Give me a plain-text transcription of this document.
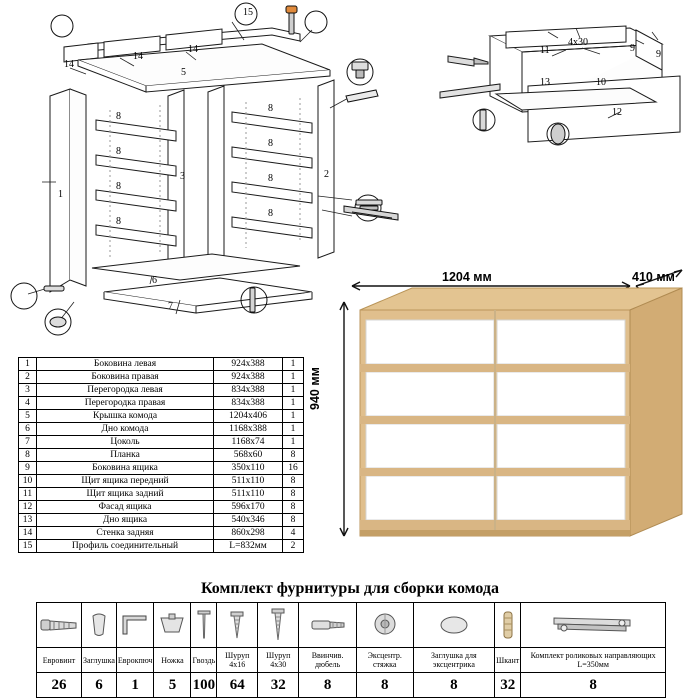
15
14
14
14
5
8
8
8
8
8
8
8
8
1
2
3
6
7
11
4х30
9
9
13	10
12
1	Боковина левая	924х388	1
2	Боковина правая	924х388	1
3	Перегородка левая	834х388	1
4	Перегородка правая	834х388	1
5	Крышка комода	1204х406	1
6	Дно комода	1168х388	1
7	Цоколь	1168х74	1
8	Планка	568х60	8
9	Боковина ящика	350х110	16
10	Щит ящика передний	511х110	8
11	Щит ящика задний	511х110	8
12	Фасад ящика	596х170	8
13	Дно ящика	540х346	8
14	Стенка задняя	860х298	4
15	Профиль соединительный	L=832мм	2
1204 мм	410 мм
940 мм
Комплект фурнитуры для сборки комода

Евровинт	Заглушка	Еврокпюч	Ножка	Гвоздь	Шуруп 4х16	Шуруп 4х30	Ввинчив. дюбель	Эксцентр. стяжка	Заглушка для эксцентрика	Шкант	Комплект роликовых направляющих L=350мм
26	6	1	5	100	64	32	8	8	8	32	8
